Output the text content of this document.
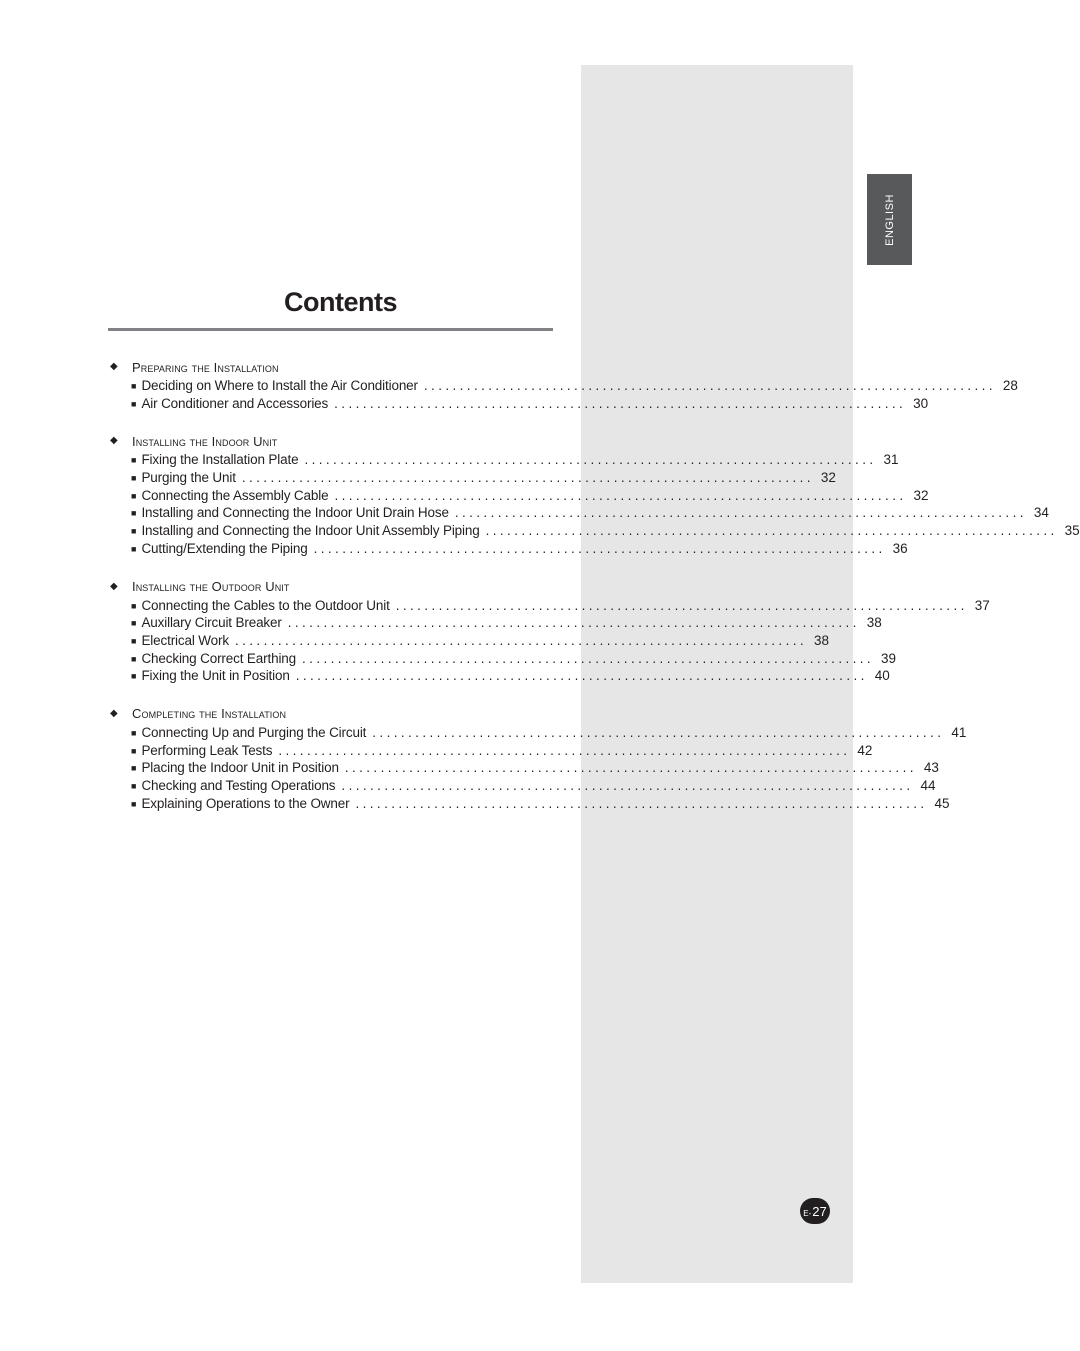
ENGLISH
Contents
◆	Preparing the Installation
■ Deciding on Where to Install the Air Conditioner ................................................................................ 28
■ Air Conditioner and Accessories ................................................................................ 30
◆	Installing the Indoor Unit
■ Fixing the Installation Plate ................................................................................ 31
■ Purging the Unit ................................................................................ 32
■ Connecting the Assembly Cable ................................................................................ 32
■ Installing and Connecting the Indoor Unit Drain Hose ................................................................................ 34
■ Installing and Connecting the Indoor Unit Assembly Piping ................................................................................ 35
■ Cutting/Extending the Piping ................................................................................ 36
◆	Installing the Outdoor Unit
■ Connecting the Cables to the Outdoor Unit ................................................................................ 37
■ Auxillary Circuit Breaker ................................................................................ 38
■ Electrical Work ................................................................................ 38
■ Checking Correct Earthing ................................................................................ 39
■ Fixing the Unit in Position ................................................................................ 40
◆	Completing the Installation
■ Connecting Up and Purging the Circuit ................................................................................ 41
■ Performing Leak Tests ................................................................................ 42
■ Placing the Indoor Unit in Position ................................................................................ 43
■ Checking and Testing Operations ................................................................................ 44
■ Explaining Operations to the Owner ................................................................................ 45
E- 27
